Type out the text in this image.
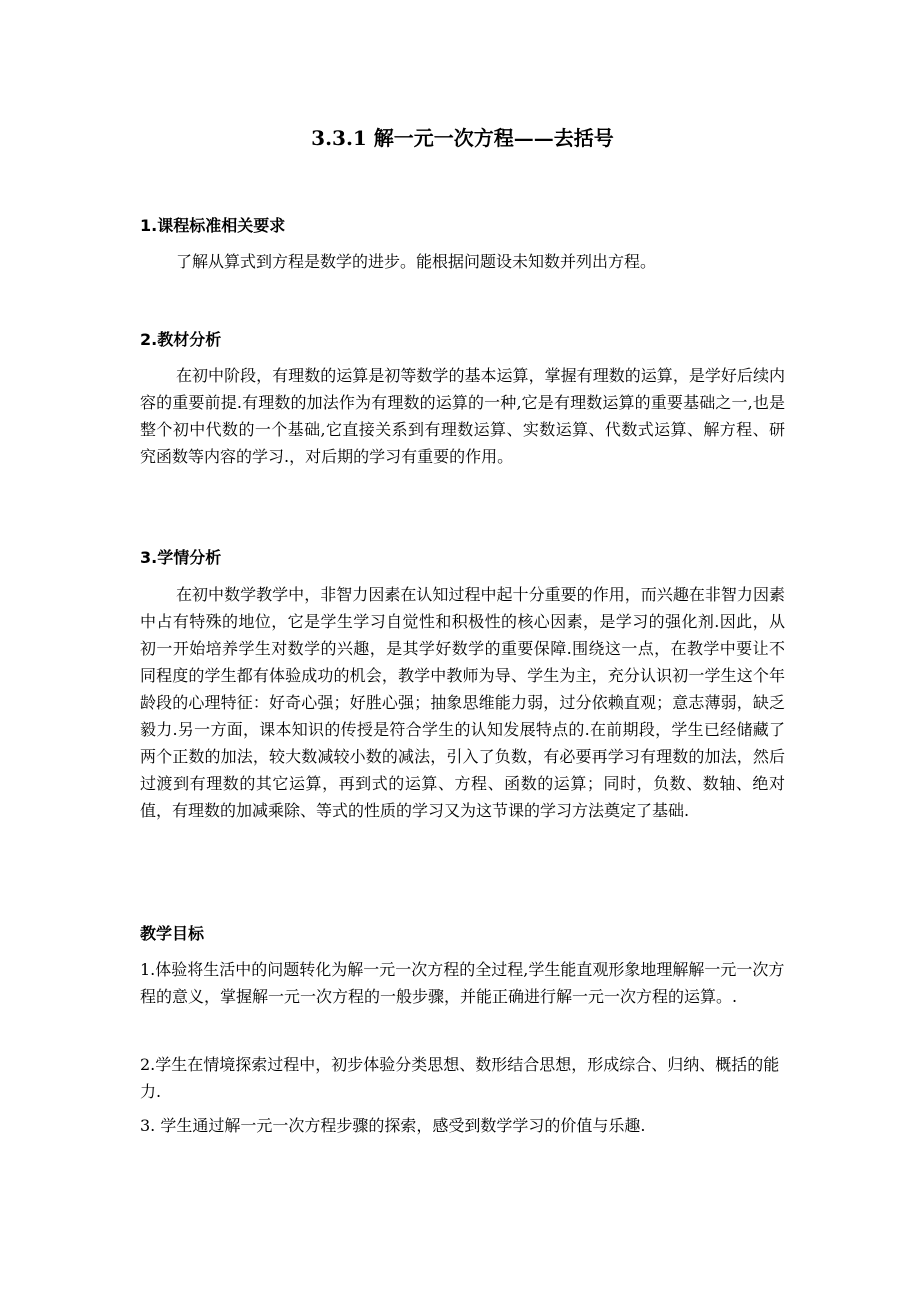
3.3.1 解一元一次方程——去括号
1.课程标准相关要求
了解从算式到方程是数学的进步。能根据问题设未知数并列出方程。
2.教材分析
在初中阶段，有理数的运算是初等数学的基本运算，掌握有理数的运算，是学好后续内容的重要前提.有理数的加法作为有理数的运算的一种,它是有理数运算的重要基础之一,也是整个初中代数的一个基础,它直接关系到有理数运算、实数运算、代数式运算、解方程、研究函数等内容的学习.，对后期的学习有重要的作用。
3.学情分析
在初中数学教学中，非智力因素在认知过程中起十分重要的作用，而兴趣在非智力因素中占有特殊的地位，它是学生学习自觉性和积极性的核心因素，是学习的强化剂.因此，从初一开始培养学生对数学的兴趣，是其学好数学的重要保障.围绕这一点，在教学中要让不同程度的学生都有体验成功的机会，教学中教师为导、学生为主，充分认识初一学生这个年龄段的心理特征：好奇心强；好胜心强；抽象思维能力弱，过分依赖直观；意志薄弱，缺乏毅力.另一方面，课本知识的传授是符合学生的认知发展特点的.在前期段，学生已经储藏了两个正数的加法，较大数减较小数的减法，引入了负数，有必要再学习有理数的加法，然后过渡到有理数的其它运算，再到式的运算、方程、函数的运算；同时，负数、数轴、绝对值，有理数的加减乘除、等式的性质的学习又为这节课的学习方法奠定了基础.
教学目标
1.体验将生活中的问题转化为解一元一次方程的全过程,学生能直观形象地理解解一元一次方程的意义，掌握解一元一次方程的一般步骤，并能正确进行解一元一次方程的运算。.
2.学生在情境探索过程中，初步体验分类思想、数形结合思想，形成综合、归纳、概括的能力.
3. 学生通过解一元一次方程步骤的探索，感受到数学学习的价值与乐趣.
